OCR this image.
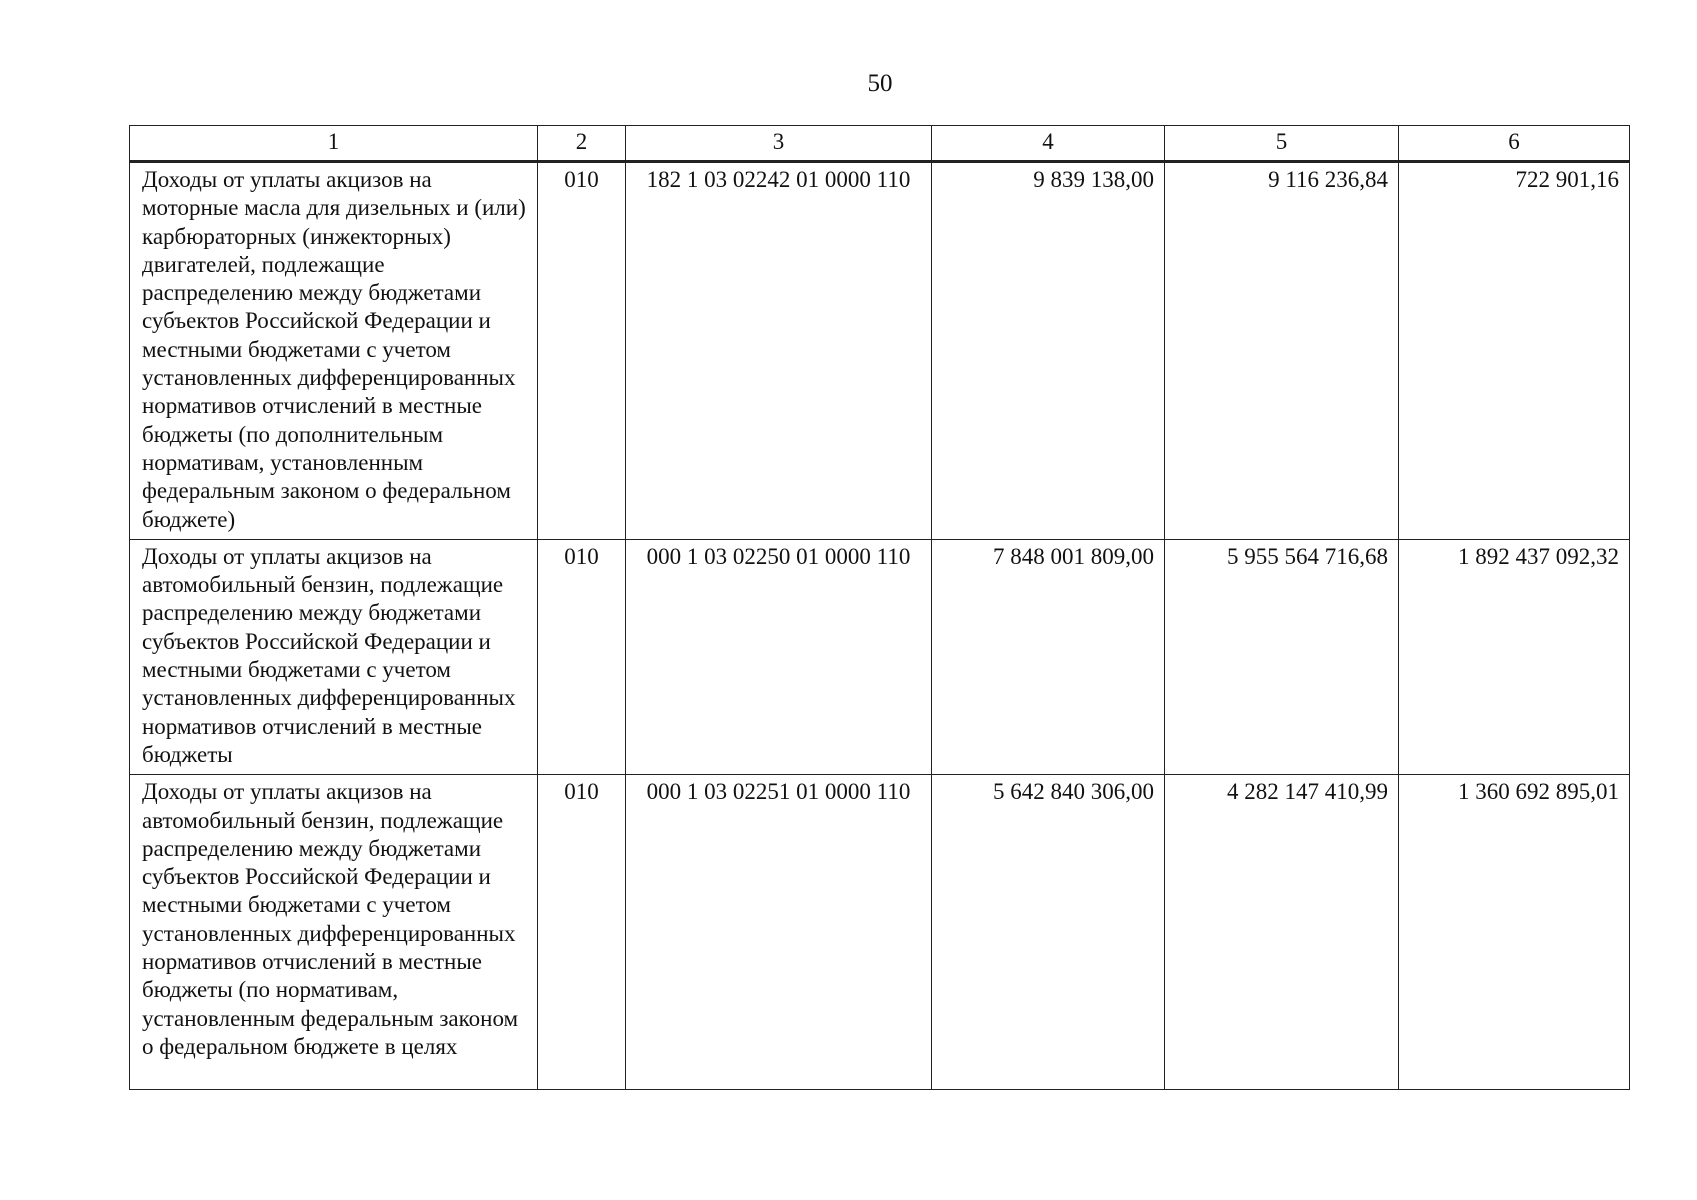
50
1	2	3	4	5	6
Доходы от уплаты акцизов на моторные масла для дизельных и (или) карбюраторных (инжекторных) двигателей, подлежащие распределению между бюджетами субъектов Российской Федерации и местными бюджетами с учетом установленных дифференцированных нормативов отчислений в местные бюджеты (по дополнительным нормативам, установленным федеральным законом о федеральном бюджете)	010	182 1 03 02242 01 0000 110	9 839 138,00	9 116 236,84	722 901,16
Доходы от уплаты акцизов на автомобильный бензин, подлежащие распределению между бюджетами субъектов Российской Федерации и местными бюджетами с учетом установленных дифференцированных нормативов отчислений в местные бюджеты	010	000 1 03 02250 01 0000 110	7 848 001 809,00	5 955 564 716,68	1 892 437 092,32
Доходы от уплаты акцизов на автомобильный бензин, подлежащие распределению между бюджетами субъектов Российской Федерации и местными бюджетами с учетом установленных дифференцированных нормативов отчислений в местные бюджеты (по нормативам, установленным федеральным законом о федеральном бюджете в целях	010	000 1 03 02251 01 0000 110	5 642 840 306,00	4 282 147 410,99	1 360 692 895,01
